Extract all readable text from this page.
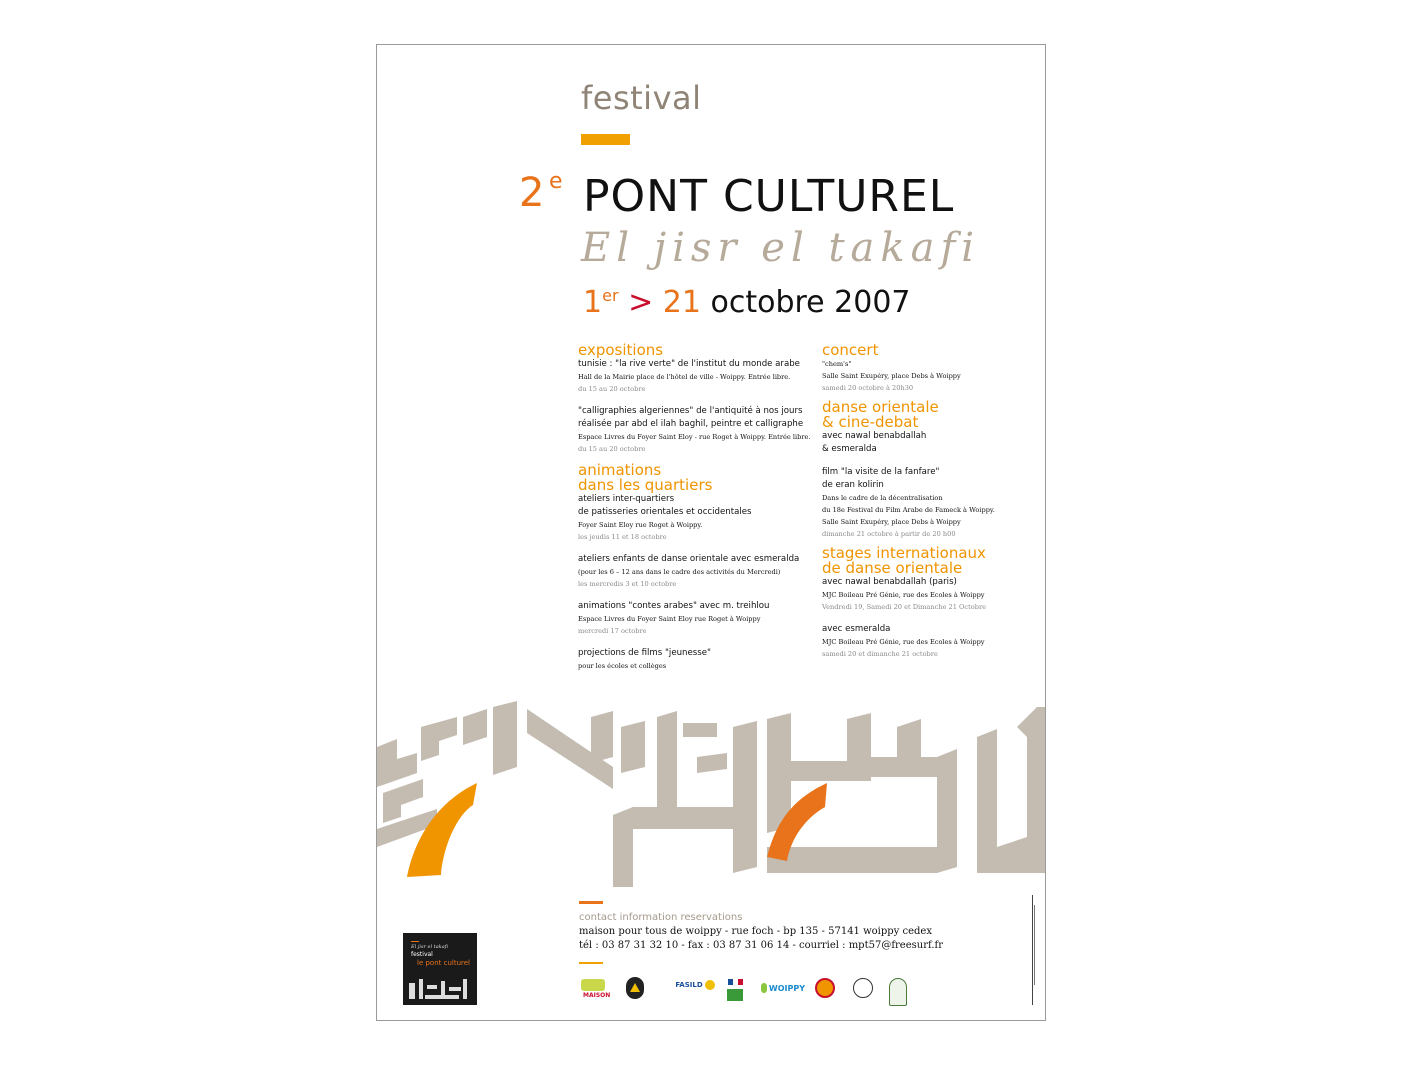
festival
2 e PONT CULTUREL
El jisr el takafi
1er > 21 octobre 2007
expositions
tunisie : "la rive verte" de l'institut du monde arabe
Hall de la Mairie place de l'hôtel de ville - Woippy. Entrée libre.
du 15 au 20 octobre
"calligraphies algeriennes" de l'antiquité à nos jours
réalisée par abd el ilah baghil, peintre et calligraphe
Espace Livres du Foyer Saint Eloy - rue Roget à Woippy. Entrée libre.
du 15 au 20 octobre
animations
dans les quartiers
ateliers inter-quartiers
de patisseries orientales et occidentales
Foyer Saint Eloy rue Roget à Woippy.
les jeudis 11 et 18 octobre
ateliers enfants de danse orientale avec esmeralda
(pour les 6 – 12 ans dans le cadre des activités du Mercredi)
les mercredis 3 et 10 octobre
animations "contes arabes" avec m. treihlou
Espace Livres du Foyer Saint Eloy rue Roget à Woippy
mercredi 17 octobre
projections de films "jeunesse"
pour les écoles et collèges
concert
"chem's"
Salle Saint Exupéry, place Debs à Woippy
samedi 20 octobre à 20h30
danse orientale
& cine-debat
avec nawal benabdallah
& esmeralda
film "la visite de la fanfare"
de eran kolirin
Dans le cadre de la décentralisation
du 18e Festival du Film Arabe de Fameck à Woippy.
Salle Saint Exupéry, place Debs à Woippy
dimanche 21 octobre à partir de 20 h00
stages internationaux
de danse orientale
avec nawal benabdallah (paris)
MJC Boileau Pré Génie, rue des Ecoles à Woippy
Vendredi 19, Samedi 20 et Dimanche 21 Octobre
avec esmeralda
MJC Boileau Pré Génie, rue des Ecoles à Woippy
samedi 20 et dimanche 21 octobre
contact information reservations
maison pour tous de woippy - rue foch - bp 135 - 57141 woippy cedex
tél : 03 87 31 32 10 - fax : 03 87 31 06 14 - courriel : mpt57@freesurf.fr
El jisr el takafi
festival
le pont culturel
MAISON
FASILD	WOIPPY
